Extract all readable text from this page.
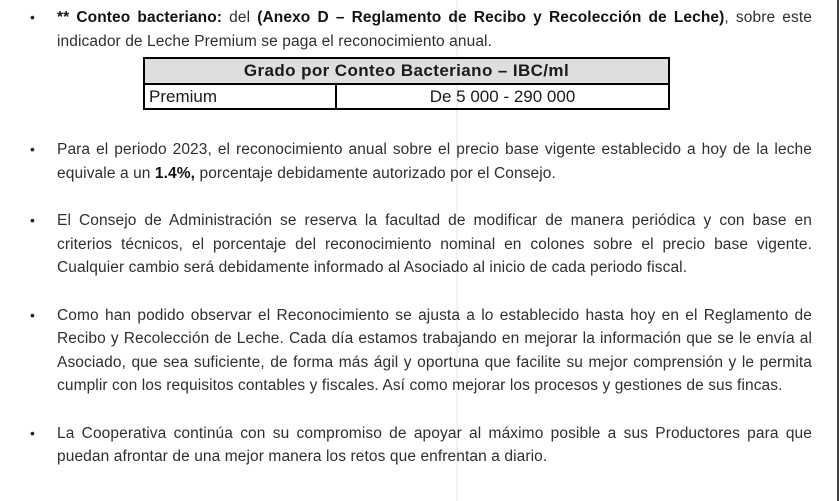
•	** Conteo bacteriano: del (Anexo D – Reglamento de Recibo y Recolección de Leche), sobre este indicador de Leche Premium se paga el reconocimiento anual.
Grado por Conteo Bacteriano – IBC/ml
Premium	De 5 000 - 290 000
•	Para el periodo 2023, el reconocimiento anual sobre el precio base vigente establecido a hoy de la leche equivale a un 1.4%, porcentaje debidamente autorizado por el Consejo.
•	El Consejo de Administración se reserva la facultad de modificar de manera periódica y con base en criterios técnicos, el porcentaje del reconocimiento nominal en colones sobre el precio base vigente. Cualquier cambio será debidamente informado al Asociado al inicio de cada periodo fiscal.
•	Como han podido observar el Reconocimiento se ajusta a lo establecido hasta hoy en el Reglamento de Recibo y Recolección de Leche. Cada día estamos trabajando en mejorar la información que se le envía al Asociado, que sea suficiente, de forma más ágil y oportuna que facilite su mejor comprensión y le permita cumplir con los requisitos contables y fiscales. Así como mejorar los procesos y gestiones de sus fincas.
•	La Cooperativa continúa con su compromiso de apoyar al máximo posible a sus Productores para que puedan afrontar de una mejor manera los retos que enfrentan a diario.
